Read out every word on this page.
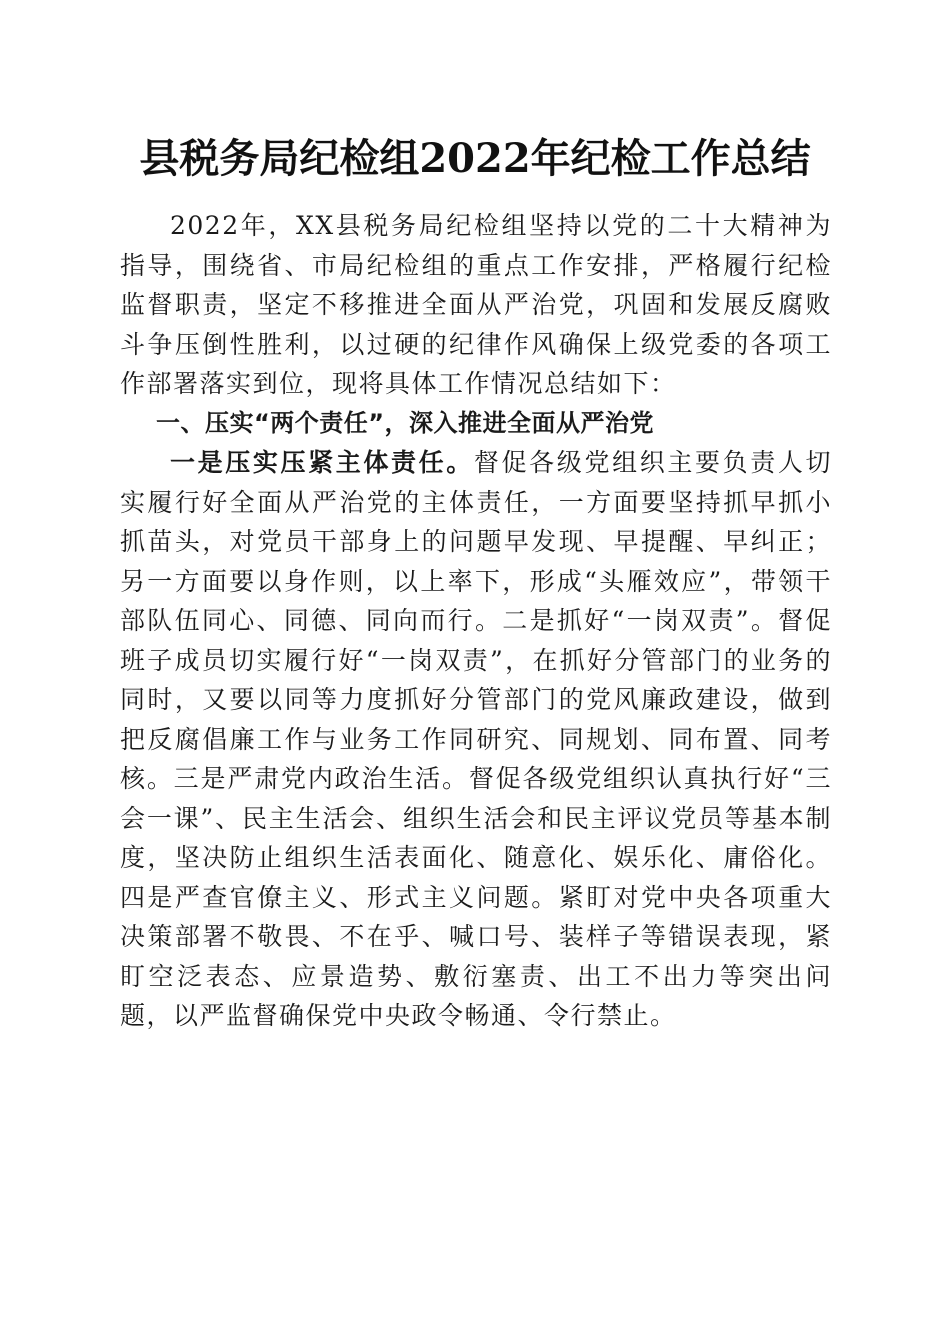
县税务局纪检组2022年纪检工作总结

2022年，XX县税务局纪检组坚持以党的二十大精神为指导，围绕省、市局纪检组的重点工作安排，严格履行纪检监督职责，坚定不移推进全面从严治党，巩固和发展反腐败斗争压倒性胜利，以过硬的纪律作风确保上级党委的各项工作部署落实到位，现将具体工作情况总结如下：

一、压实“两个责任”，深入推进全面从严治党

一是压实压紧主体责任。督促各级党组织主要负责人切实履行好全面从严治党的主体责任，一方面要坚持抓早抓小抓苗头，对党员干部身上的问题早发现、早提醒、早纠正；另一方面要以身作则，以上率下，形成“头雁效应”，带领干部队伍同心、同德、同向而行。二是抓好“一岗双责”。督促班子成员切实履行好“一岗双责”，在抓好分管部门的业务的同时，又要以同等力度抓好分管部门的党风廉政建设，做到把反腐倡廉工作与业务工作同研究、同规划、同布置、同考核。三是严肃党内政治生活。督促各级党组织认真执行好“三会一课”、民主生活会、组织生活会和民主评议党员等基本制度，坚决防止组织生活表面化、随意化、娱乐化、庸俗化。四是严查官僚主义、形式主义问题。紧盯对党中央各项重大决策部署不敬畏、不在乎、喊口号、装样子等错误表现，紧盯空泛表态、应景造势、敷衍塞责、出工不出力等突出问题，以严监督确保党中央政令畅通、令行禁止。
